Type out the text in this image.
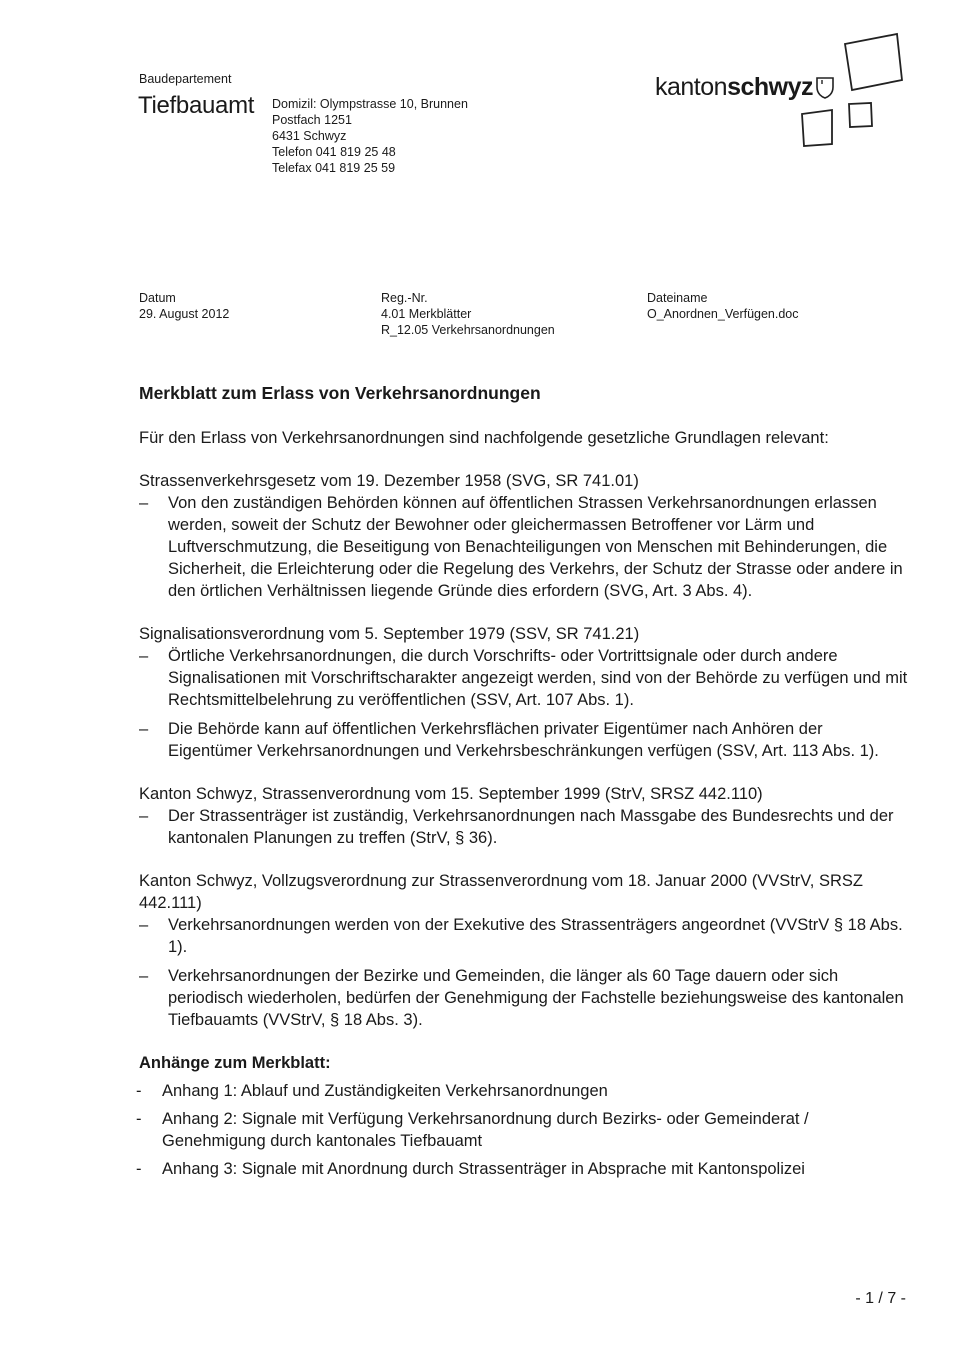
Baudepartement
Tiefbauamt Domizil: Olympstrasse 10, Brunnen
Postfach 1251
6431 Schwyz
Telefon 041 819 25 48
Telefax 041 819 25 59
kantonschwyz
Datum
29. August 2012
Reg.-Nr.
4.01 Merkblätter
R_12.05 Verkehrsanordnungen
Dateiname
O_Anordnen_Verfügen.doc
Merkblatt zum Erlass von Verkehrsanordnungen

Für den Erlass von Verkehrsanordnungen sind nachfolgende gesetzliche Grundlagen relevant:

Strassenverkehrsgesetz vom 19. Dezember 1958 (SVG, SR 741.01)

– Von den zuständigen Behörden können auf öffentlichen Strassen Verkehrsanordnungen erlassen werden, soweit der Schutz der Bewohner oder gleichermassen Betroffener vor Lärm und Luftverschmutzung, die Beseitigung von Benachteiligungen von Menschen mit Behinderungen, die Sicherheit, die Erleichterung oder die Regelung des Verkehrs, der Schutz der Strasse oder andere in den örtlichen Verhältnissen liegende Gründe dies erfordern (SVG, Art. 3 Abs. 4).

Signalisationsverordnung vom 5. September 1979 (SSV, SR 741.21)

– Örtliche Verkehrsanordnungen, die durch Vorschrifts- oder Vortrittsignale oder durch andere Signalisationen mit Vorschriftscharakter angezeigt werden, sind von der Behörde zu verfügen und mit Rechtsmittelbelehrung zu veröffentlichen (SSV, Art. 107 Abs. 1).
– Die Behörde kann auf öffentlichen Verkehrsflächen privater Eigentümer nach Anhören der Eigentümer Verkehrsanordnungen und Verkehrsbeschränkungen verfügen (SSV, Art. 113 Abs. 1).

Kanton Schwyz, Strassenverordnung vom 15. September 1999 (StrV, SRSZ 442.110)

– Der Strassenträger ist zuständig, Verkehrsanordnungen nach Massgabe des Bundesrechts und der kantonalen Planungen zu treffen (StrV, § 36).

Kanton Schwyz, Vollzugsverordnung zur Strassenverordnung vom 18. Januar 2000 (VVStrV, SRSZ 442.111)

– Verkehrsanordnungen werden von der Exekutive des Strassenträgers angeordnet (VVStrV § 18 Abs. 1).
– Verkehrsanordnungen der Bezirke und Gemeinden, die länger als 60 Tage dauern oder sich periodisch wiederholen, bedürfen der Genehmigung der Fachstelle beziehungsweise des kantonalen Tiefbauamts (VVStrV, § 18 Abs. 3).

Anhänge zum Merkblatt:

- Anhang 1: Ablauf und Zuständigkeiten Verkehrsanordnungen
- Anhang 2: Signale mit Verfügung Verkehrsanordnung durch Bezirks- oder Gemeinderat / Genehmigung durch kantonales Tiefbauamt
- Anhang 3: Signale mit Anordnung durch Strassenträger in Absprache mit Kantonspolizei
- 1 / 7 -
